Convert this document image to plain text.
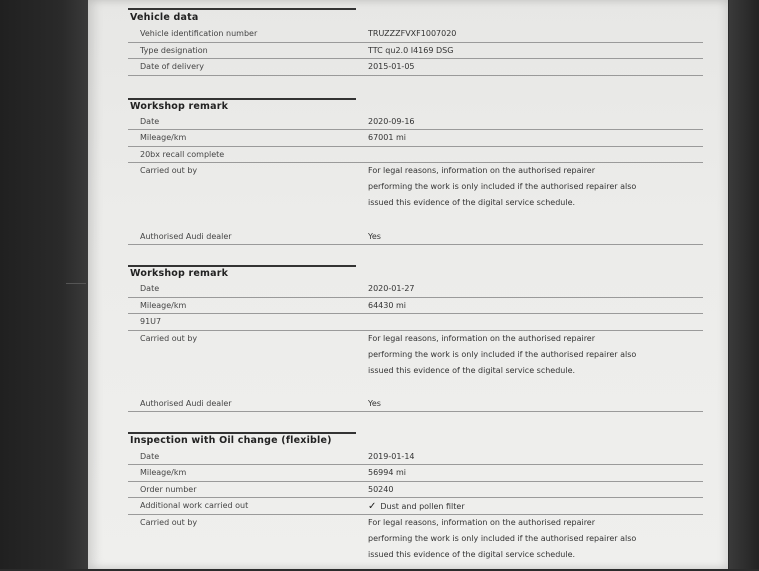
Vehicle data
Vehicle identification number	TRUZZZFVXF1007020
Type designation	TTC qu2.0 I4169 DSG
Date of delivery	2015-01-05
Workshop remark
Date	2020-09-16
Mileage/km	67001 mi
20bx recall complete
Carried out by	For legal reasons, information on the authorised repairer
performing the work is only included if the authorised repairer also
issued this evidence of the digital service schedule.
Authorised Audi dealer	Yes
Workshop remark
Date	2020-01-27
Mileage/km	64430 mi
91U7
Carried out by	For legal reasons, information on the authorised repairer
performing the work is only included if the authorised repairer also
issued this evidence of the digital service schedule.
Authorised Audi dealer	Yes
Inspection with Oil change (flexible)
Date	2019-01-14
Mileage/km	56994 mi
Order number	50240
Additional work carried out	✓ Dust and pollen filter
Carried out by	For legal reasons, information on the authorised repairer
performing the work is only included if the authorised repairer also
issued this evidence of the digital service schedule.
